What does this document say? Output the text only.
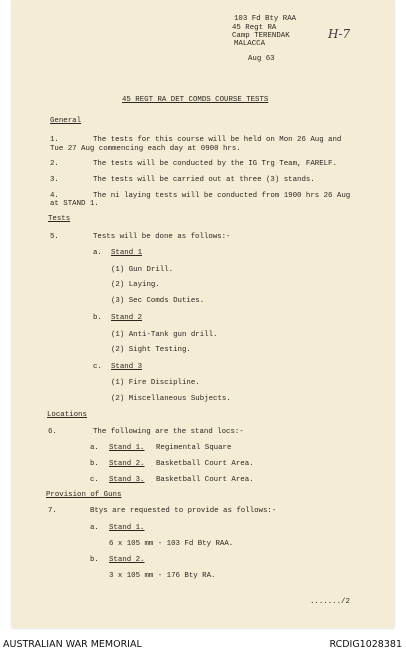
103 Fd Bty RAA
45 Regt RA
Camp TERENDAK
MALACCA
Aug 63
H-7
45 REGT RA DET COMDS COURSE TESTS
General
1.	The tests for this course will be held on Mon 26 Aug and
Tue 27 Aug commencing each day at 0900 hrs.
2.	The tests will be conducted by the IG Trg Team, FARELF.
3.	The tests will be carried out at three (3) stands.
4.	The ni laying tests will be conducted from 1900 hrs 26 Aug
at STAND 1.
Tests
5.	Tests will be done as follows:-
a. Stand 1
(1) Gun Drill.
(2) Laying.
(3) Sec Comds Duties.
b. Stand 2
(1) Anti-Tank gun drill.
(2) Sight Testing.
c. Stand 3
(1) Fire Discipline.
(2) Miscellaneous Subjects.
Locations
6.	The following are the stand locs:-
a. Stand 1. Regimental Square
b. Stand 2. Basketball Court Area.
c. Stand 3. Basketball Court Area.
Provision of Guns
7.	Btys are requested to provide as follows:-
a. Stand 1.
6 x 105 mm - 103 Fd Bty RAA.
b. Stand 2.
3 x 105 mm - 176 Bty RA.
......./2
AUSTRALIAN WAR MEMORIAL	RCDIG1028381
